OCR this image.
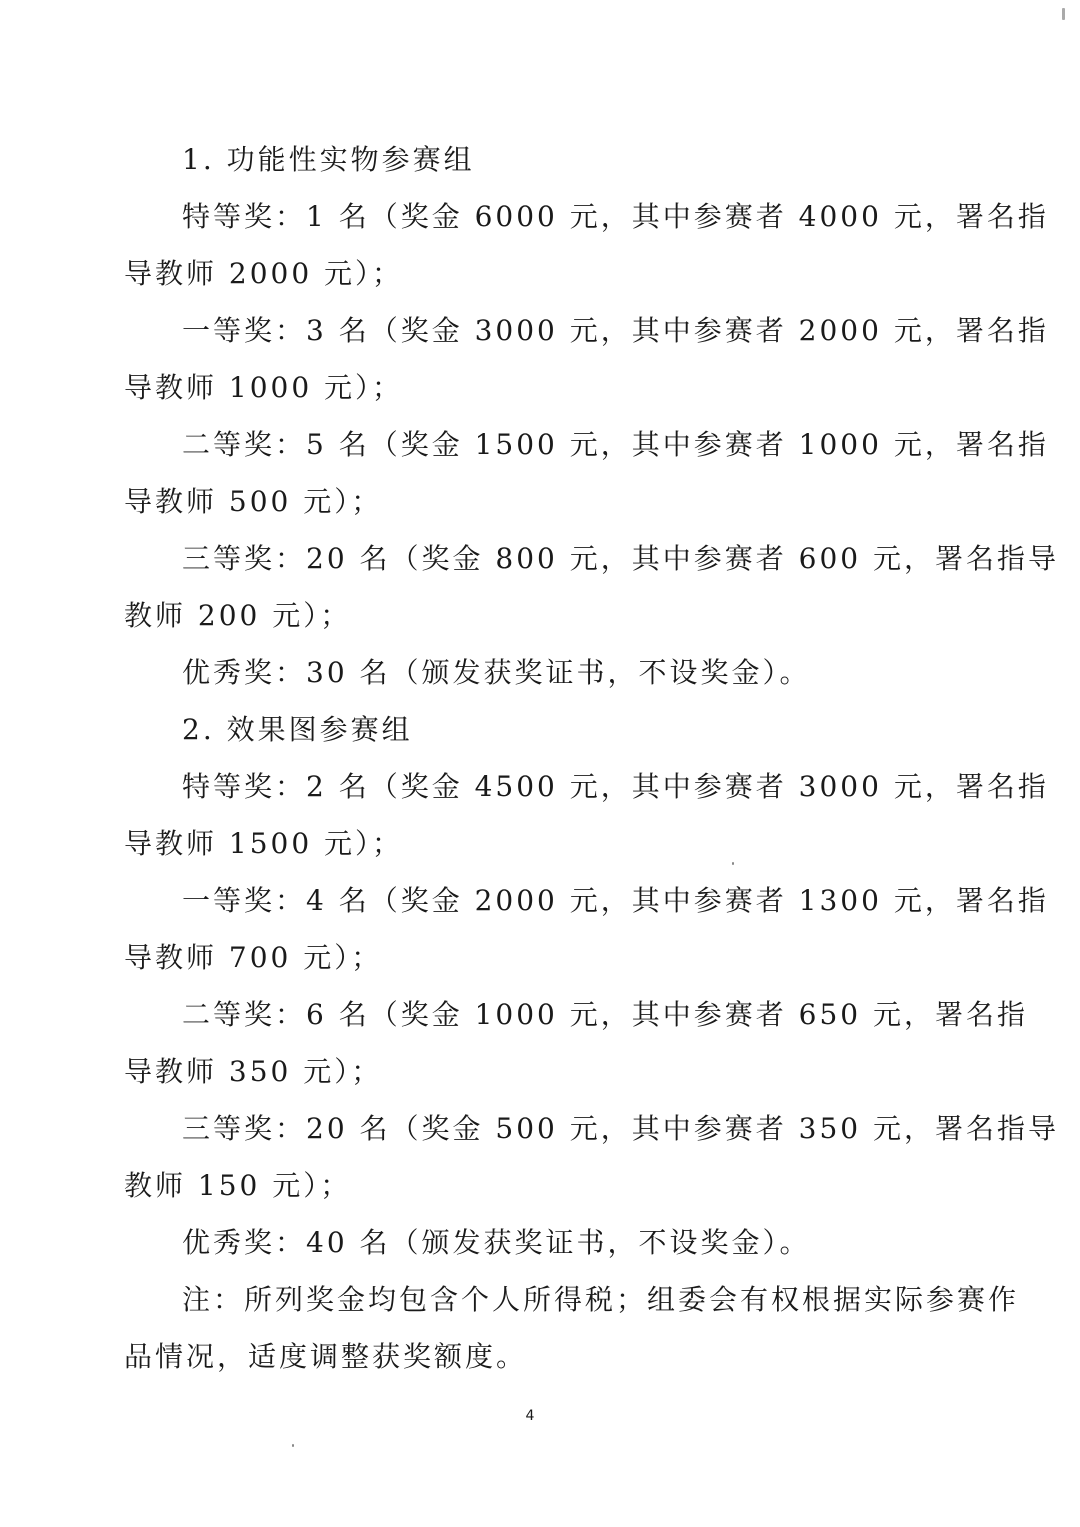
1. 功能性实物参赛组
特等奖：1 名（奖金 6000 元，其中参赛者 4000 元，署名指
导教师 2000 元）；
一等奖：3 名（奖金 3000 元，其中参赛者 2000 元，署名指
导教师 1000 元）；
二等奖：5 名（奖金 1500 元，其中参赛者 1000 元，署名指
导教师 500 元）；
三等奖：20 名（奖金 800 元，其中参赛者 600 元，署名指导
教师 200 元）；
优秀奖：30 名（颁发获奖证书，不设奖金）。
2. 效果图参赛组
特等奖：2 名（奖金 4500 元，其中参赛者 3000 元，署名指
导教师 1500 元）；
一等奖：4 名（奖金 2000 元，其中参赛者 1300 元，署名指
导教师 700 元）；
二等奖：6 名（奖金 1000 元，其中参赛者 650 元，署名指
导教师 350 元）；
三等奖：20 名（奖金 500 元，其中参赛者 350 元，署名指导
教师 150 元）；
优秀奖：40 名（颁发获奖证书，不设奖金）。
注：所列奖金均包含个人所得税；组委会有权根据实际参赛作
品情况，适度调整获奖额度。
4
